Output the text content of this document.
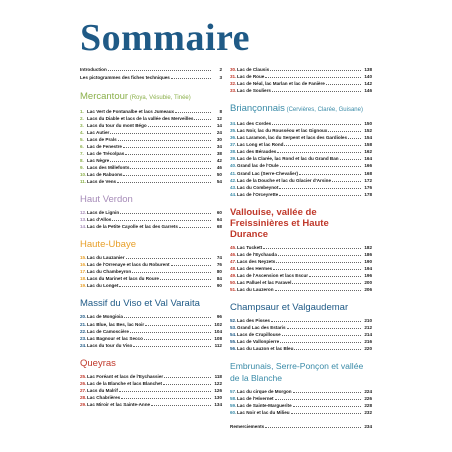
Sommaire
Introduction	2
Les pictogrammes des fiches techniques	3
Mercantour (Roya, Vésubie, Tinée)
1. Lac Vert de Fontanalbe et lacs Jumeaux	8
2. Lacs du Diable et lacs de la vallée des Merveilles	12
3. Lacs du tour du mont Bégo	14
4. Lac Autier	24
5. Lacs de Prals	30
6. Lac de Fenestre	34
7. Lac de Trécolpas	38
8. Lac Nègre	42
9. Lacs des Millefonts	46
10. Lac de Rabuons	50
11. Lacs de Vens	54
Haut Verdon
12. Lacs de Lignin	60
13. Lac d'Allos	64
14. Lac de la Petite Cayolle et lac des Garrets	68
Haute-Ubaye
15. Lac du Lauzanier	74
16. Lac de l'Orrenaye et lacs du Roburent	76
17. Lac du Chambeyron	80
18. Lacs du Marinet et lacs du Roure	84
19. Lac du Longet	90
Massif du Viso et Val Varaita
20. Lac de Mongioia	96
21. Lac Blue, lac Bes, lac Noir	102
22. Lac de Camoscière	104
23. Lac Bagnour et lac Secco	108
24. Lacs du tour du Viso	112
Queyras
25. Lac Foréant et lacs de l'Eychassier	118
26. Lac de la Blanche et lacs Blanchet	122
27. Lacs du Malrif	126
28. Lac Chabrières	130
29. Lac Miroir et lac Sainte-Anne	134
30. Lac de Clausis	138
31. Lac de Roue	140
32. Lac de Néal, lac Marlan et lac de Fanière	142
33. Lac de Souliers	146
Briançonnais (Cervières, Clarée, Guisane)
34. Lac des Cordes	150
35. Lac Noir, lac du Rousséou et lac Gignoux	152
36. Lac Laramon, lac du Serpent et lacs des Gardioles	154
37. Lac Long et lac Rond	158
38. Lac des Béraudes	162
39. Lac de la Clarée, lac Rond et lac du Grand Ban	164
40. Grand lac de l'Oule	166
41. Grand Lac (Serre-Chevalier)	168
42. Lac de la Douche et lac du Glacier d'Arsine	172
43. Lac du Combeynot	176
44. Lac de l'Orceyrette	178
Vallouise, vallée de Freissinières et Haute Durance
45. Lac Tuckett	182
46. Lac de l'Eychauda	186
47. Lacs des Neyzets	190
48. Lac des Hermes	194
49. Lac de l'Ascension et lacs Escur	196
50. Lac Palluel et lac Faravel	200
51. Lac du Lauzeron	206
Champsaur et Valgaudemar
52. Lac des Pisses	210
53. Grand Lac des Estaris	212
54. Lacs de Crupillouse	214
55. Lac de Vallonpierre	216
56. Lac du Lauzon et lac Bleu	220
Embrunais, Serre-Ponçon et vallée de la Blanche
57. Lac du cirque de Morgon	224
58. Lac de l'Hivernet	226
59. Lac de Sainte-Marguerite	228
60. Lac Noir et lac du Milieu	232
Remerciements	234
